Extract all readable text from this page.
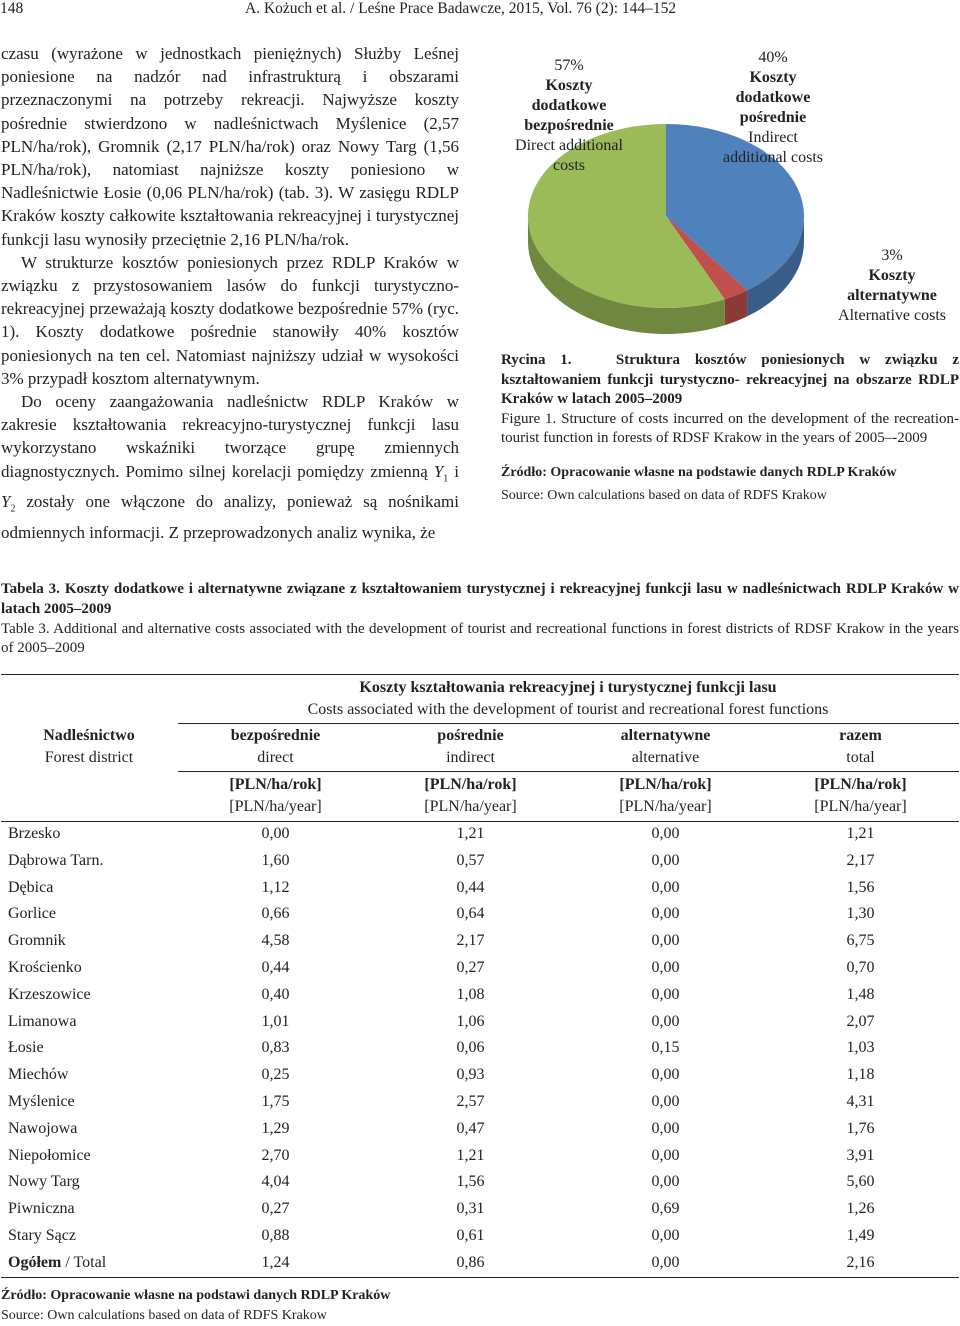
148	A. Kożuch et al. / Leśne Prace Badawcze, 2015, Vol. 76 (2): 144–152

czasu (wyrażone w jednostkach pieniężnych) Służby Leśnej poniesione na nadzór nad infrastrukturą i obszarami przeznaczonymi na potrzeby rekreacji. Najwyższe koszty pośrednie stwierdzono w nadleśnictwach Myślenice (2,57 PLN/ha/rok), Gromnik (2,17 PLN/ha/rok) oraz Nowy Targ (1,56 PLN/ha/rok), natomiast najniższe koszty poniesiono w Nadleśnictwie Łosie (0,06 PLN/ha/rok) (tab. 3). W zasięgu RDLP Kraków koszty całkowite kształtowania rekreacyjnej i turystycznej funkcji lasu wynosiły przeciętnie 2,16 PLN/ha/rok.

W strukturze kosztów poniesionych przez RDLP Kraków w związku z przystosowaniem lasów do funkcji turystyczno-rekreacyjnej przeważają koszty dodatkowe bezpośrednie 57% (ryc. 1). Koszty dodatkowe pośrednie stanowiły 40% kosztów poniesionych na ten cel. Natomiast najniższy udział w wysokości 3% przypadł kosztom alternatywnym.

Do oceny zaangażowania nadleśnictw RDLP Kraków w zakresie kształtowania rekreacyjno-turystycznej funkcji lasu wykorzystano wskaźniki tworzące grupę zmiennych diagnostycznych. Pomimo silnej korelacji pomiędzy zmienną $Y_1$ i $Y_2$ zostały one włączone do analizy, ponieważ są nośnikami odmiennych informacji. Z przeprowadzonych analiz wynika, że

57%
Koszty
dodatkowe
bezpośrednie
Direct additional
costs
40%
Koszty
dodatkowe
pośrednie
Indirect
additional costs
3%
Koszty
alternatywne
Alternative costs

Rycina 1.	Struktura kosztów poniesionych w związku z kształtowaniem funkcji turystyczno- rekreacyjnej na obszarze RDLP Kraków w latach 2005–2009

Figure 1. Structure of costs incurred on the development of the recreation-tourist function in forests of RDSF Krakow in the years of 2005–-2009

Źródło: Opracowanie własne na podstawie danych RDLP Kraków

Source: Own calculations based on data of RDFS Krakow

Tabela 3. Koszty dodatkowe i alternatywne związane z kształtowaniem turystycznej i rekreacyjnej funkcji lasu w nadleśnictwach RDLP Kraków w latach 2005–2009

Table 3. Additional and alternative costs associated with the development of tourist and recreational functions in forest districts of RDSF Krakow in the years of 2005–2009

Koszty kształtowania rekreacyjnej i turystycznej funkcji lasu
Costs associated with the development of tourist and recreational forest functions
Nadleśnictwo
Forest district
bezpośrednie
direct
pośrednie
indirect
alternatywne
alternative
razem
total
[PLN/ha/rok]
[PLN/ha/year]
[PLN/ha/rok]
[PLN/ha/year]
[PLN/ha/rok]
[PLN/ha/year]
[PLN/ha/rok]
[PLN/ha/year]
Brzesko	0,00	1,21	0,00	1,21
Dąbrowa Tarn.	1,60	0,57	0,00	2,17
Dębica	1,12	0,44	0,00	1,56
Gorlice	0,66	0,64	0,00	1,30
Gromnik	4,58	2,17	0,00	6,75
Krościenko	0,44	0,27	0,00	0,70
Krzeszowice	0,40	1,08	0,00	1,48
Limanowa	1,01	1,06	0,00	2,07
Łosie	0,83	0,06	0,15	1,03
Miechów	0,25	0,93	0,00	1,18
Myślenice	1,75	2,57	0,00	4,31
Nawojowa	1,29	0,47	0,00	1,76
Niepołomice	2,70	1,21	0,00	3,91
Nowy Targ	4,04	1,56	0,00	5,60
Piwniczna	0,27	0,31	0,69	1,26
Stary Sącz	0,88	0,61	0,00	1,49
Ogółem / Total	1,24	0,86	0,00	2,16
Źródło: Opracowanie własne na podstawi danych RDLP Kraków
Source: Own calculations based on data of RDFS Krakow
